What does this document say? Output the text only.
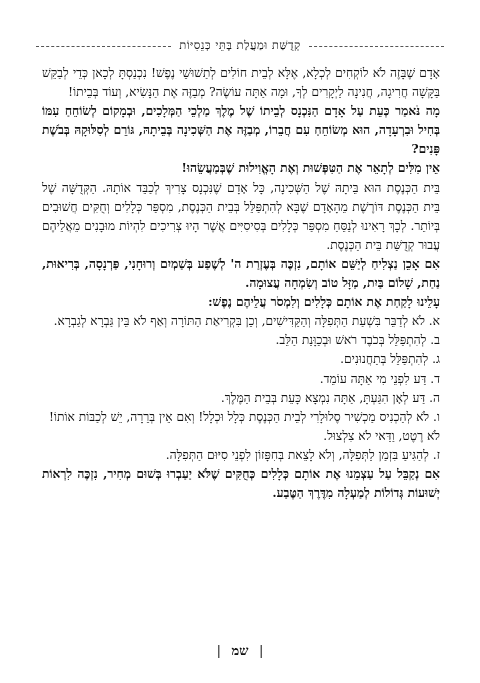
קְדֻשַּׁת וּמַעֲלַת בָּתֵּי כְּנֵסִיּוֹת

אָדָם שֶׁבָּזֶה לֹא לוֹקְחִים לְכְלָא, אֶלָּא לְבֵית חוֹלִים לְתַשׁוּשֵׁי נֶפֶשׁ! נִכְנַסְתָּ לְכָאן כְּדֵי לְבַקֵּשׁ בַּקָּשָׁה חֲרִיגָה, חֲנִינָה לַיְקָרִים לְךָ, וּמָה אַתָּה עוֹשֶׂה? מְבַזֶּה אֶת הַנָּשִׂיא, וְעוֹד בְּבֵיתוֹ!

מָה נֹּאמַר כְּעֵת עַל אָדָם הַנִּכְנָס לְבֵיתוֹ שֶׁל מֶלֶךְ מַלְכֵי הַמְּלָכִים, וּבְמָקוֹם לְשׂוֹחֵחַ עִמּוֹ בְּחִיל וּבִרְעָדָה, הוּא מְשׂוֹחֵחַ עִם חֲבֵרוֹ, מְבַזֶּה אֶת הַשְּׁכִינָה בְּבֵיתָהּ, גּוֹרֵם לְסִלּוּקָהּ בְּבֹשֶׁת פָּנִים?

אֵין מִלִּים לְתָאֵר אֶת הַטִּפְּשׁוּת וְאֶת הָאֱוִילוּת שֶׁבְּמַעֲשֵׂהוּ!

בֵּית הַכְּנֶסֶת הוּא בֵּיתָהּ שֶׁל הַשְּׁכִינָה, כָּל אָדָם שֶׁנִּכְנָס צָרִיךְ לְכַבֵּד אוֹתָהּ. הַקְּדֻשָּׁה שֶׁל בֵּית הַכְּנֶסֶת דּוֹרֶשֶׁת מֵהָאָדָם שֶׁבָּא לְהִתְפַּלֵּל בְּבֵית הַכְּנֶסֶת, מִסְפַּר כְּלָלִים וְחֻקִּים חֲשׁוּבִים בְּיוֹתֵר. לְכָךְ רָאִינוּ לְנַסֵּחַ מִסְפַּר כְּלָלִים בְּסִיסִיִּים אֲשֶׁר הָיוּ צְרִיכִים לִהְיוֹת מוּבָנִים מֵאֲלֵיהֶם עֲבוּר קְדֻשַּׁת בֵּית הַכְּנֶסֶת.

אִם אָכֵן נַצְלִיחַ לְיַשֵּׁם אוֹתָם, נִזְכֶּה בְּעֶזְרַת ה' לְשֶׁפַע בְּשַׁמְיִם וְרוּחָנִי, פַּרְנָסָה, בְּרִיאוּת, נַחַת, שָׁלוֹם בַּיִת, מַזָּל טוֹב וְשִׂמְחָה עֲצוּמָה.

עָלֵינוּ לָקַחַת אֶת אוֹתָם כְּלָלִים וְלִמְסֹר עֲלֵיהֶם נֶפֶשׁ:

א. לֹא לְדַבֵּר בִּשְׁעַת הַתְּפִלָּה וְהַקַּדִּישִׁים, וְכֵן בִּקְרִיאַת הַתּוֹרָה וְאַף לֹא בֵּין גַּבְרָא לְגַבְרָא.

ב. לְהִתְפַּלֵּל בְּכֹבֶד רֹאשׁ וּבְכַוָּנַת הַלֵּב.

ג. לְהִתְפַּלֵּל בְּתַחֲנוּנִים.

ד. דַּע לִפְנֵי מִי אַתָּה עוֹמֵד.

ה. דַּע לְאָן הִגַּעְתָּ, אַתָּה נִמְצָא כָּעֵת בְּבֵית הַמֶּלֶךְ.

ו. לֹא לְהַכְנִיס מַכְשִׁיר סֶלוּלָרִי לְבֵית הַכְּנֶסֶת כְּלָל וּכְלָל! וְאִם אֵין בְּרֵרָה, יֵשׁ לְכַבּוֹת אוֹתוֹ! לֹא רֶטֶט, וַדַּאי לֹא צִלְצוּל.

ז. לְהַגִּיעַ בִּזְמַן לַתְּפִלָּה, וְלֹא לָצֵאת בְּחִפָּזוֹן לִפְנֵי סִיּוּם הַתְּפִלָּה.

אִם נְקַבֵּל עַל עַצְמֵנוּ אֶת אוֹתָם כְּלָלִים כְּחֻקִּים שֶׁלֹּא יַעַבְרוּ בְּשׁוּם מְחִיר, נִזְכֶּה לִרְאוֹת יְשׁוּעוֹת גְּדוֹלוֹת לְמַעְלָה מִדֶּרֶךְ הַטֶּבַע.

| שמ |
